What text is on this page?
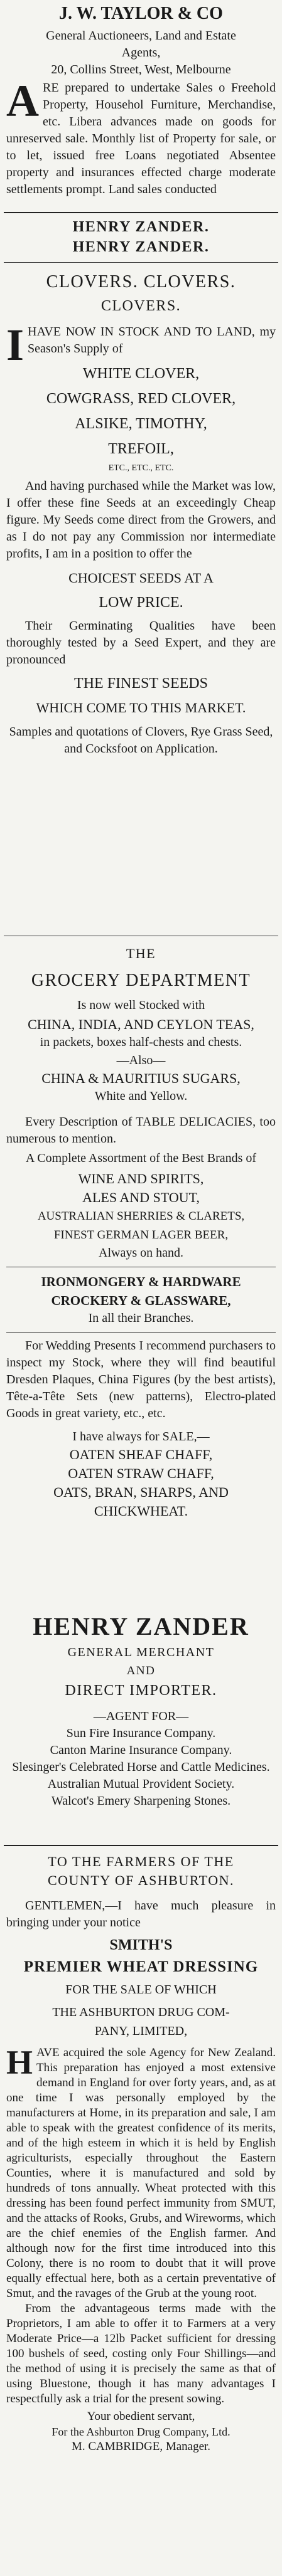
J. W. TAYLOR & CO

General Auctioneers, Land and Estate

Agents,

20, Collins Street, West, Melbourne

A RE prepared to undertake Sales o Freehold Property, Househol Furniture, Merchandise, etc. Libera advances made on goods for unreserved sale. Monthly list of Property for sale, or to let, issued free Loans negotiated Absentee property and insurances effected charge moderate settlements prompt. Land sales conducted

HENRY ZANDER.

HENRY ZANDER.

CLOVERS. CLOVERS.

CLOVERS.

I HAVE NOW IN STOCK AND TO LAND, my Season's Supply of

WHITE CLOVER,

COWGRASS, RED CLOVER,

ALSIKE, TIMOTHY,

TREFOIL,

ETC., ETC., ETC.

And having purchased while the Market was low, I offer these fine Seeds at an exceedingly Cheap figure. My Seeds come direct from the Growers, and as I do not pay any Commission nor intermediate profits, I am in a position to offer the

CHOICEST SEEDS AT A

LOW PRICE.

Their Germinating Qualities have been thoroughly tested by a Seed Expert, and they are pronounced

THE FINEST SEEDS

WHICH COME TO THIS MARKET.

Samples and quotations of Clovers, Rye Grass Seed, and Cocksfoot on Application.

THE

GROCERY DEPARTMENT

Is now well Stocked with

CHINA, INDIA, AND CEYLON TEAS,

in packets, boxes half-chests and chests.

—Also—

CHINA & MAURITIUS SUGARS,

White and Yellow.

Every Description of TABLE DELICACIES, too numerous to mention.

A Complete Assortment of the Best Brands of

WINE AND SPIRITS,

ALES AND STOUT,

AUSTRALIAN SHERRIES & CLARETS,

FINEST GERMAN LAGER BEER,

Always on hand.

IRONMONGERY & HARDWARE

CROCKERY & GLASSWARE,

In all their Branches.

For Wedding Presents I recommend purchasers to inspect my Stock, where they will find beautiful Dresden Plaques, China Figures (by the best artists), Tête-a-Tête Sets (new patterns), Electro-plated Goods in great variety, etc., etc.

I have always for SALE,—

OATEN SHEAF CHAFF,

OATEN STRAW CHAFF,

OATS, BRAN, SHARPS, AND

CHICKWHEAT.

HENRY ZANDER

GENERAL MERCHANT

AND

DIRECT IMPORTER.

—AGENT FOR—

Sun Fire Insurance Company.

Canton Marine Insurance Company.

Slesinger's Celebrated Horse and Cattle Medicines.

Australian Mutual Provident Society.

Walcot's Emery Sharpening Stones.

TO THE FARMERS OF THE

COUNTY OF ASHBURTON.

GENTLEMEN,—I have much pleasure in bringing under your notice

SMITH'S

PREMIER WHEAT DRESSING

FOR THE SALE OF WHICH

THE ASHBURTON DRUG COM-

PANY, LIMITED,

H AVE acquired the sole Agency for New Zealand. This preparation has enjoyed a most extensive demand in England for over forty years, and, as at one time I was personally employed by the manufacturers at Home, in its preparation and sale, I am able to speak with the greatest confidence of its merits, and of the high esteem in which it is held by English agriculturists, especially throughout the Eastern Counties, where it is manufactured and sold by hundreds of tons annually. Wheat protected with this dressing has been found perfect immunity from SMUT, and the attacks of Rooks, Grubs, and Wireworms, which are the chief enemies of the English farmer. And although now for the first time introduced into this Colony, there is no room to doubt that it will prove equally effectual here, both as a certain preventative of Smut, and the ravages of the Grub at the young root.

From the advantageous terms made with the Proprietors, I am able to offer it to Farmers at a very Moderate Price—a 12lb Packet sufficient for dressing 100 bushels of seed, costing only Four Shillings—and the method of using it is precisely the same as that of using Bluestone, though it has many advantages I respectfully ask a trial for the present sowing.

Your obedient servant,

For the Ashburton Drug Company, Ltd.

M. CAMBRIDGE, Manager.
